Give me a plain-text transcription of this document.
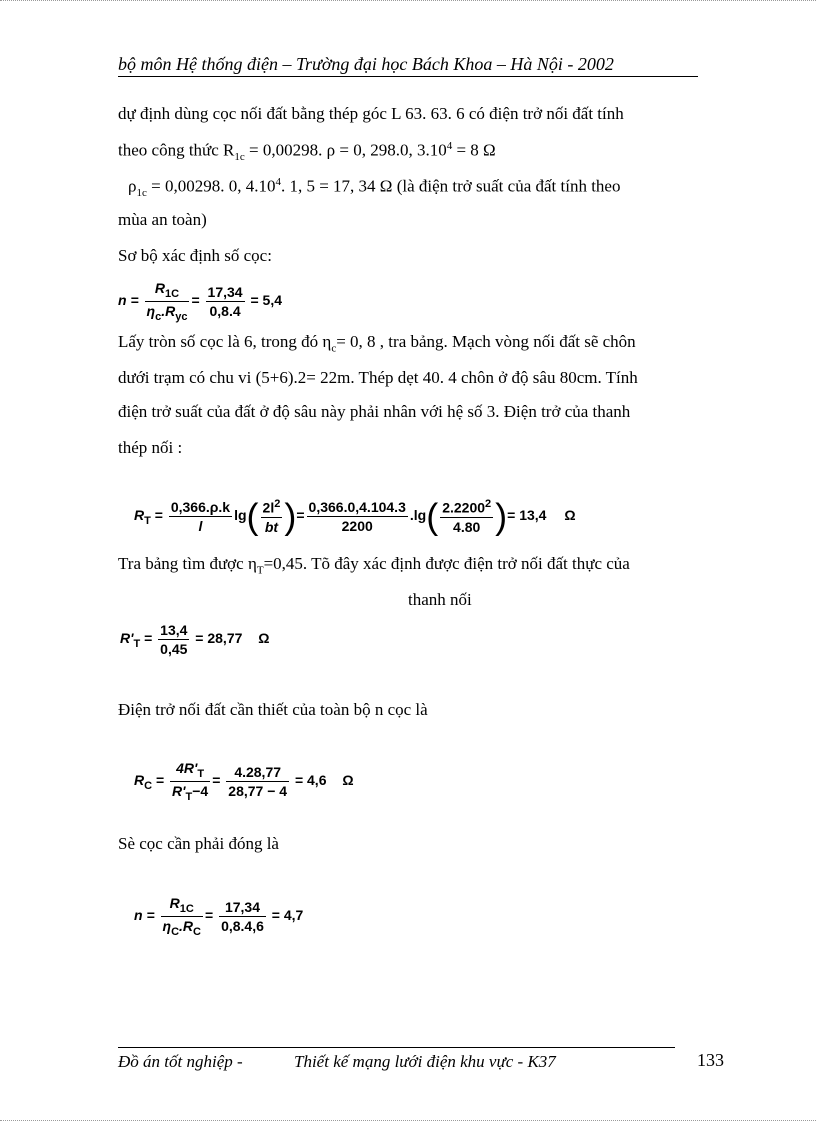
bộ môn Hệ thống điện – Trường đại học Bách Khoa – Hà Nội - 2002
dự định dùng cọc nối đất bằng thép góc L 63. 63. 6 có điện trở nối đất tính
theo công thức $R_{1c} = 0,00298$. ρ = 0, 298.0, $3.10^4 = 8$ Ω
$\rho_{1c} = 0,00298$. 0, 4.10$^4$. 1, 5 = 17, 34 Ω (là điện trở suất của đất tính theo
mùa an toàn)
Sơ bộ xác định số cọc:
$n = \frac{R_{1C}}{\eta_c.R_{yc}} = \frac{17,34}{0,8.4} = 5,4$
Lấy tròn số cọc là 6, trong đó $\eta_c= 0$, 8 , tra bảng. Mạch vòng nối đất sẽ chôn
dưới trạm có chu vi (5+6).2= 22m. Thép dẹt 40. 4 chôn ở độ sâu 80cm. Tính
điện trở suất của đất ở độ sâu này phải nhân với hệ số 3. Điện trở của thanh
thép nối :
$R_T = \frac{0,366.\rho.k}{l} \lg( \frac{2l^2}{bt}$ )= $\frac{0,366.0,4.104.3}{2200} .\lg( \frac{2.2200^2}{4.80}$ )= 13,4 Ω
Tra bảng tìm được $\eta_T=0,45$. Tõ đây xác định được điện trở nối đất thực của
thanh nối
$R'_T = \frac{13,4}{0,45} = 28,77$ Ω
Điện trở nối đất cần thiết của toàn bộ n cọc là
$R_C = \frac{4R'_T}{R'_T-4} = \frac{4.28,77}{28,77 - 4} = 4,6$ Ω
Sè cọc cần phải đóng là
$n = \frac{R_{1C}}{\eta_C.R_C} = \frac{17,34}{0,8.4,6} = 4,7$
Đồ án tốt nghiệp -	Thiết kế mạng lưới điện khu vực - K37	133
